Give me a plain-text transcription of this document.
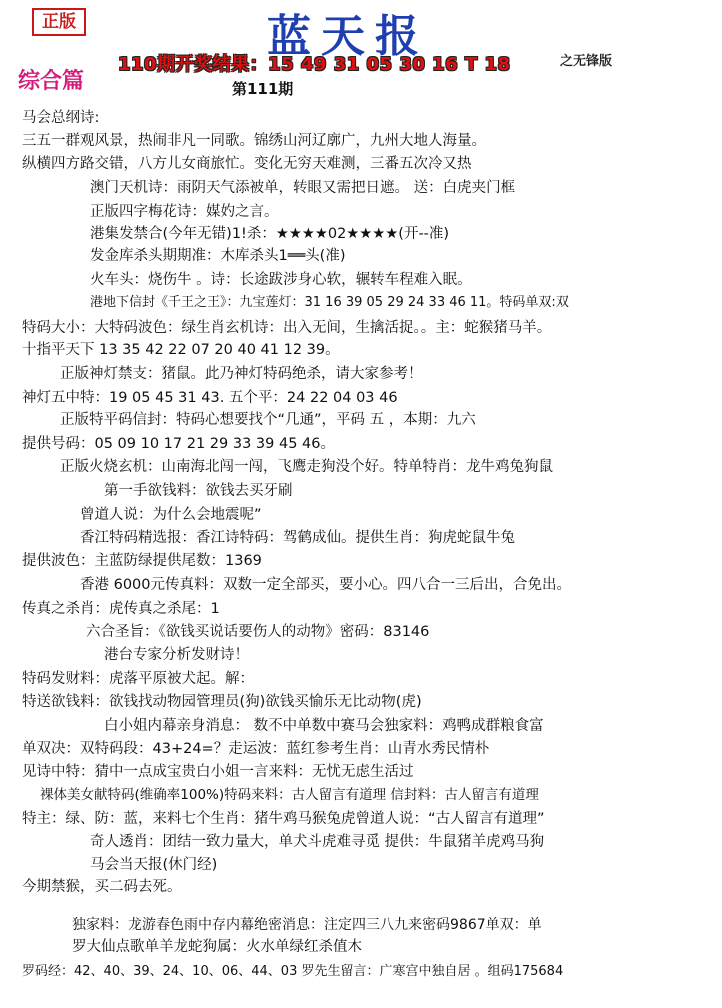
正版	蓝天报
110期开奖结果：15 49 31 05 30 16 T 18	之无锋版
综合篇	第111期
马会总纲诗:
三五一群观风景，热闹非凡一同歌。锦绣山河辽廓广，九州大地人海量。
纵横四方路交错，八方儿女商旅忙。变化无穷天难测，三番五次冷又热
澳门天机诗：雨阴天气添被单，转眼又需把日遮。 送：白虎夹门框
正版四字梅花诗：媒妁之言。
港集发禁合(今年无错)1!杀：★★★★02★★★★(开--准)
发金库杀头期期准：木库杀头1══头(准)
火车头：烧伤牛 。诗：长途跋涉身心软，辗转车程难入眠。
港地下信封《千王之王》：九宝莲灯：31 16 39 05 29 24 33 46 11。特码单双:双
特码大小：大特码波色：绿生肖玄机诗：出入无间，生擒活捉。。主：蛇猴猪马羊。
十指平天下 13 35 42 22 07 20 40 41 12 39。
正版神灯禁支：猪鼠。此乃神灯特码绝杀，请大家参考！
神灯五中特：19 05 45 31 43. 五个平：24 22 04 03 46
正版特平码信封：特码心想要找个“几通”，平码 五 ，本期：九六
提供号码：05 09 10 17 21 29 33 39 45 46。
正版火烧玄机：山南海北闯一闯，飞鹰走狗没个好。特单特肖：龙牛鸡兔狗鼠
第一手欲钱料：欲钱去买牙刷
曾道人说：为什么会地震呢”
香江特码精选报：香江诗特码：驾鹤成仙。提供生肖：狗虎蛇鼠牛兔
提供波色：主蓝防绿提供尾数：1369
香港 6000元传真料：双数一定全部买，要小心。四八合一三后出，合免出。
传真之杀肖：虎传真之杀尾：1
六合圣旨：《欲钱买说话要伤人的动物》密码：83146
港台专家分析发财诗！
特码发财料：虎落平原被犬起。解：
特送欲钱料：欲钱找动物园管理员(狗)欲钱买愉乐无比动物(虎)
白小姐内幕亲身消息： 数不中单数中赛马会独家料：鸡鸭成群粮食富
单双决：双特码段：43+24=？走运波：蓝红参考生肖：山青水秀民情朴
见诗中特：猜中一点成宝贵白小姐一言来料：无忧无虑生活过
裸体美女献特码(维确率100%)特码来料：古人留言有道理 信封料：古人留言有道理
特主：绿、防：蓝，来料七个生肖：猪牛鸡马猴兔虎曾道人说：“古人留言有道理”
奇人透肖：团结一致力量大，单犬斗虎难寻觅 提供：牛鼠猪羊虎鸡马狗
马会当天报(休门经)
今期禁猴，买二码去死。
独家料：龙游春色雨中存内幕绝密消息：注定四三八九来密码9867单双：单
罗大仙点歌单羊龙蛇狗属：火水单绿红杀值木
罗码经：42、40、39、24、10、06、44、03 罗先生留言：广寒宫中独自居 。组码175684
